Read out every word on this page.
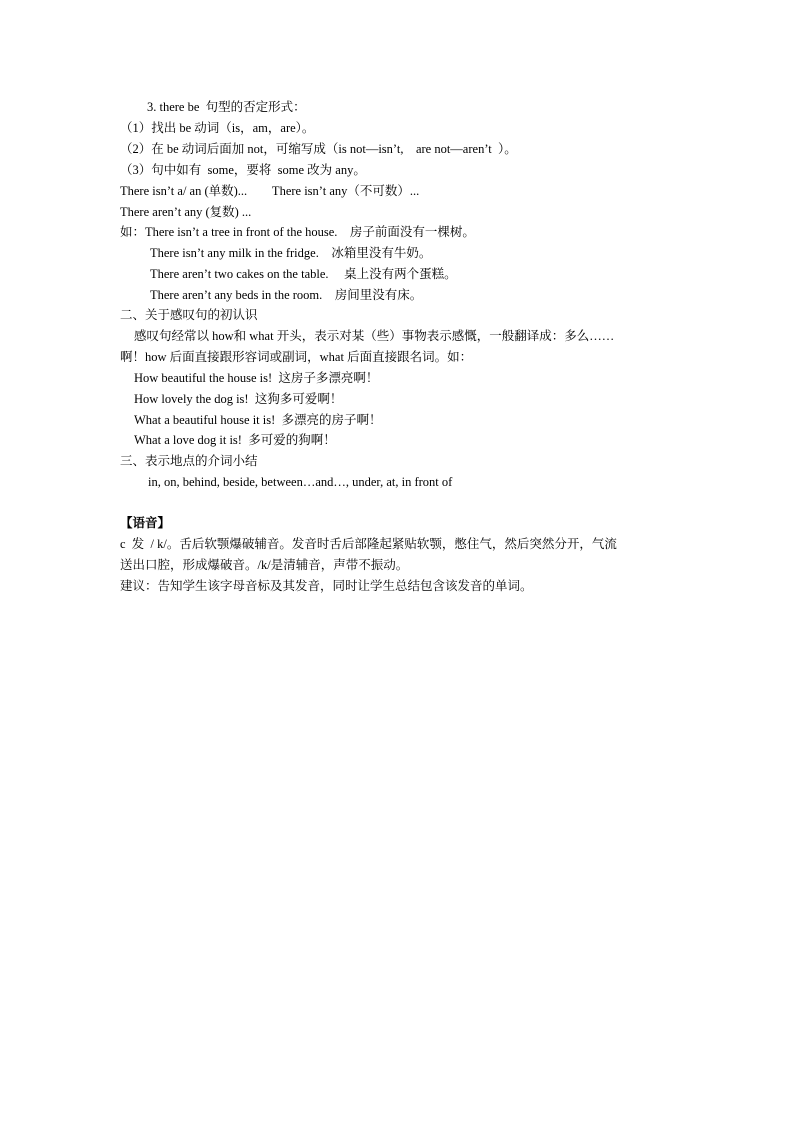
3. there be  句型的否定形式：
（1）找出 be 动词（is，am，are）。
（2）在 be 动词后面加 not，可缩写成（is not—isn’t,    are not—aren’t  ）。
（3）句中如有  some，要将  some 改为 any。
There isn’t a/ an (单数)...        There isn’t any（不可数）...
There aren’t any (复数) ...
如：There isn’t a tree in front of the house.    房子前面没有一棵树。
There isn’t any milk in the fridge.    冰箱里没有牛奶。
There aren’t two cakes on the table.     桌上没有两个蛋糕。
There aren’t any beds in the room.    房间里没有床。
二、关于感叹句的初认识
感叹句经常以 how和 what 开头，表示对某（些）事物表示感慨，一般翻译成：多么……
啊！how 后面直接跟形容词或副词，what 后面直接跟名词。如：
How beautiful the house is!  这房子多漂亮啊！
How lovely the dog is!  这狗多可爱啊！
What a beautiful house it is!  多漂亮的房子啊！
What a love dog it is!  多可爱的狗啊！
三、表示地点的介词小结
in, on, behind, beside, between…and…, under, at, in front of
【语音】
c  发  / k/。舌后软颚爆破辅音。发音时舌后部隆起紧贴软颚，憋住气，然后突然分开，气流
送出口腔，形成爆破音。/k/是清辅音，声带不振动。
建议：告知学生该字母音标及其发音，同时让学生总结包含该发音的单词。
